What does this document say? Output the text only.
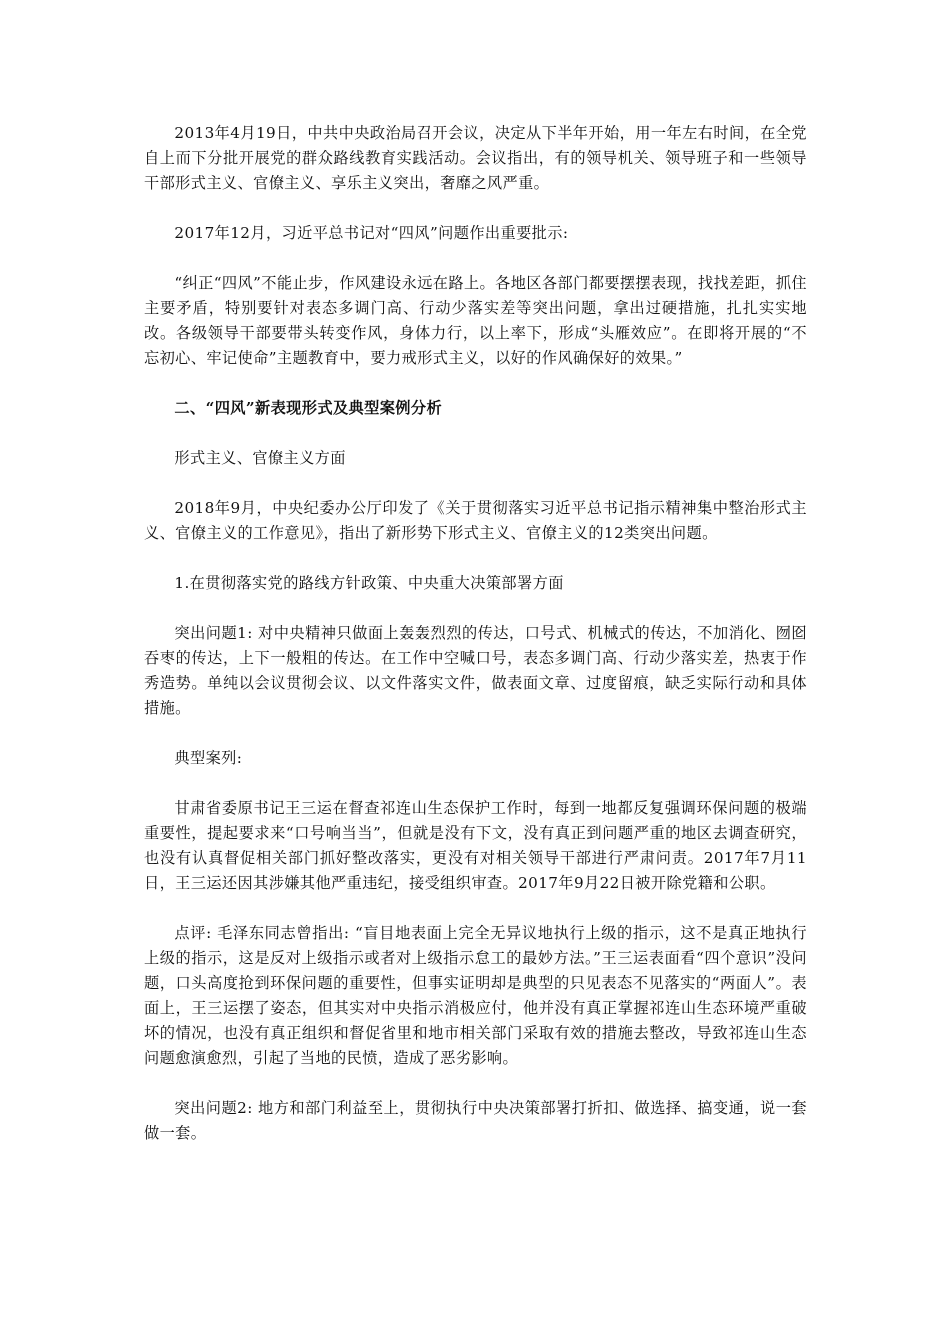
2013年4月19日，中共中央政治局召开会议，决定从下半年开始，用一年左右时间，在全党自上而下分批开展党的群众路线教育实践活动。会议指出，有的领导机关、领导班子和一些领导干部形式主义、官僚主义、享乐主义突出，奢靡之风严重。

2017年12月，习近平总书记对“四风”问题作出重要批示:

“纠正“四风”不能止步，作风建设永远在路上。各地区各部门都要摆摆表现，找找差距，抓住主要矛盾，特别要针对表态多调门高、行动少落实差等突出问题，拿出过硬措施，扎扎实实地改。各级领导干部要带头转变作风，身体力行，以上率下，形成“头雁效应”。在即将开展的“不忘初心、牢记使命”主题教育中，要力戒形式主义，以好的作风确保好的效果。”

二、“四风”新表现形式及典型案例分析

形式主义、官僚主义方面

2018年9月，中央纪委办公厅印发了《关于贯彻落实习近平总书记指示精神集中整治形式主义、官僚主义的工作意见》，指出了新形势下形式主义、官僚主义的12类突出问题。

1.在贯彻落实党的路线方针政策、中央重大决策部署方面

突出问题1: 对中央精神只做面上轰轰烈烈的传达，口号式、机械式的传达，不加消化、囫囵吞枣的传达，上下一般粗的传达。在工作中空喊口号，表态多调门高、行动少落实差，热衷于作秀造势。单纯以会议贯彻会议、以文件落实文件，做表面文章、过度留痕，缺乏实际行动和具体措施。

典型案列:

甘肃省委原书记王三运在督查祁连山生态保护工作时，每到一地都反复强调环保问题的极端重要性，提起要求来“口号响当当”，但就是没有下文，没有真正到问题严重的地区去调查研究，也没有认真督促相关部门抓好整改落实，更没有对相关领导干部进行严肃问责。2017年7月11日，王三运还因其涉嫌其他严重违纪，接受组织审查。2017年9月22日被开除党籍和公职。

点评: 毛泽东同志曾指出: “盲目地表面上完全无异议地执行上级的指示，这不是真正地执行上级的指示，这是反对上级指示或者对上级指示怠工的最妙方法。”王三运表面看“四个意识”没问题，口头高度抢到环保问题的重要性，但事实证明却是典型的只见表态不见落实的“两面人”。表面上，王三运摆了姿态，但其实对中央指示消极应付，他并没有真正掌握祁连山生态环境严重破坏的情况，也没有真正组织和督促省里和地市相关部门采取有效的措施去整改，导致祁连山生态问题愈演愈烈，引起了当地的民愤，造成了恶劣影响。

突出问题2: 地方和部门利益至上，贯彻执行中央决策部署打折扣、做选择、搞变通，说一套做一套。
